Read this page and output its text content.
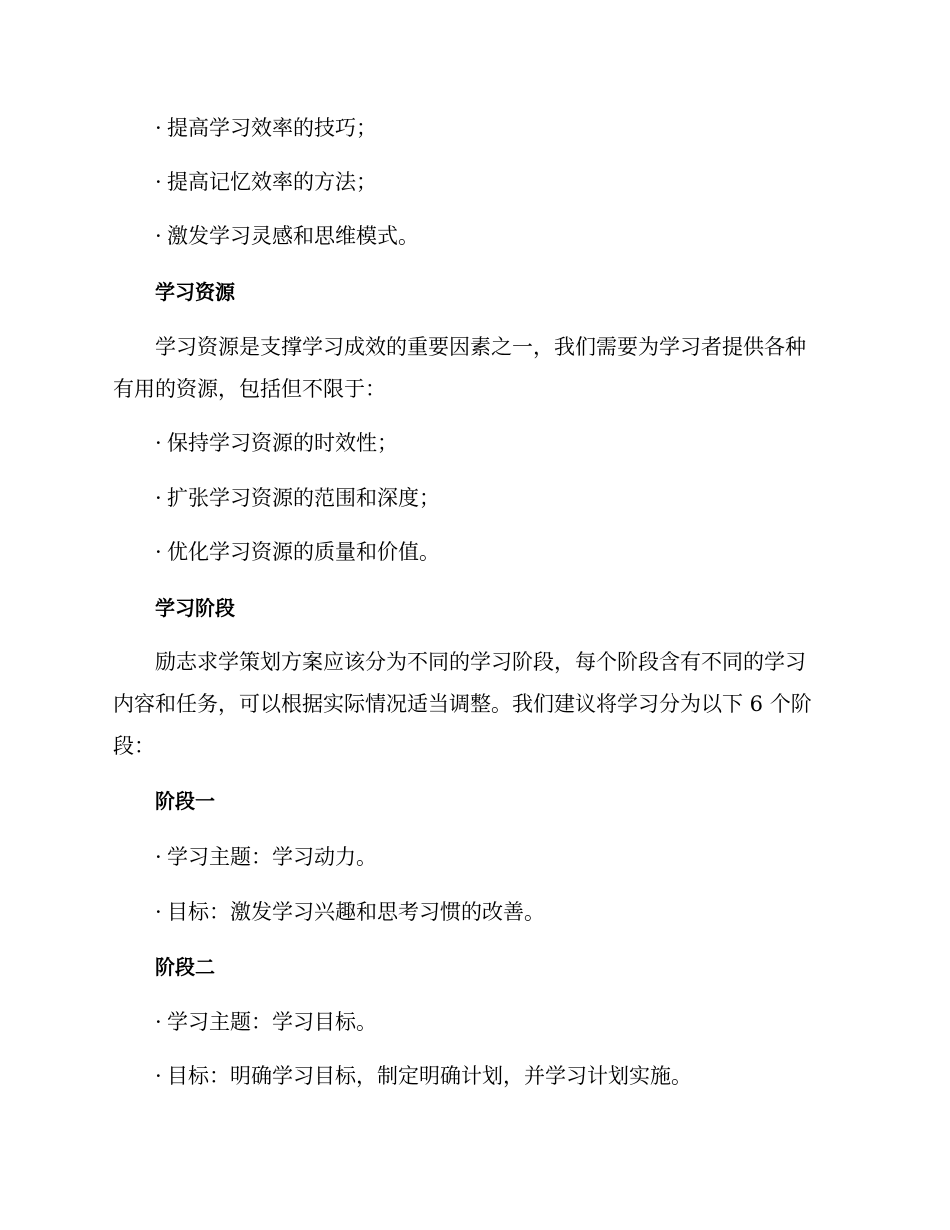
· 提高学习效率的技巧；
· 提高记忆效率的方法；
· 激发学习灵感和思维模式。
学习资源
学习资源是支撑学习成效的重要因素之一，我们需要为学习者提供各种
有用的资源，包括但不限于：
· 保持学习资源的时效性；
· 扩张学习资源的范围和深度；
· 优化学习资源的质量和价值。
学习阶段
励志求学策划方案应该分为不同的学习阶段，每个阶段含有不同的学习
内容和任务，可以根据实际情况适当调整。我们建议将学习分为以下 6 个阶
段：
阶段一
· 学习主题：学习动力。
· 目标：激发学习兴趣和思考习惯的改善。
阶段二
· 学习主题：学习目标。
· 目标：明确学习目标，制定明确计划，并学习计划实施。
